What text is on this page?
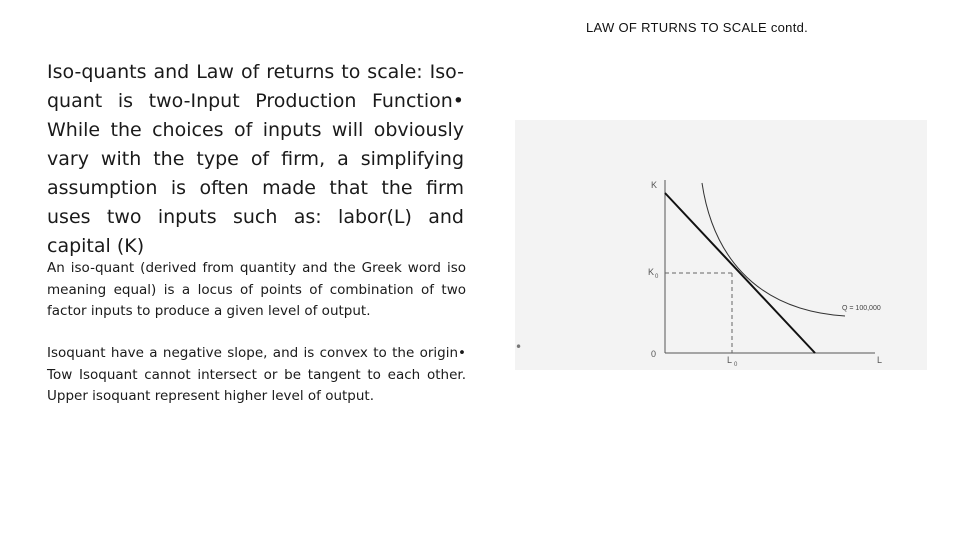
LAW OF RTURNS TO SCALE contd.
Iso-quants and Law of returns to scale: Iso-quant is two-Input Production Function• While the choices of inputs will obviously vary with the type of firm, a simplifying assumption is often made that the firm uses two inputs such as: labor(L) and capital (K)
An iso-quant (derived from quantity and the Greek word iso meaning equal) is a locus of points of combination of two factor inputs to produce a given level of output.
Isoquant have a negative slope, and is convex to the origin• Tow Isoquant cannot intersect or be tangent to each other. Upper isoquant represent higher level of output.
K
L
0
K 0
L 0
Q = 100,000
•
